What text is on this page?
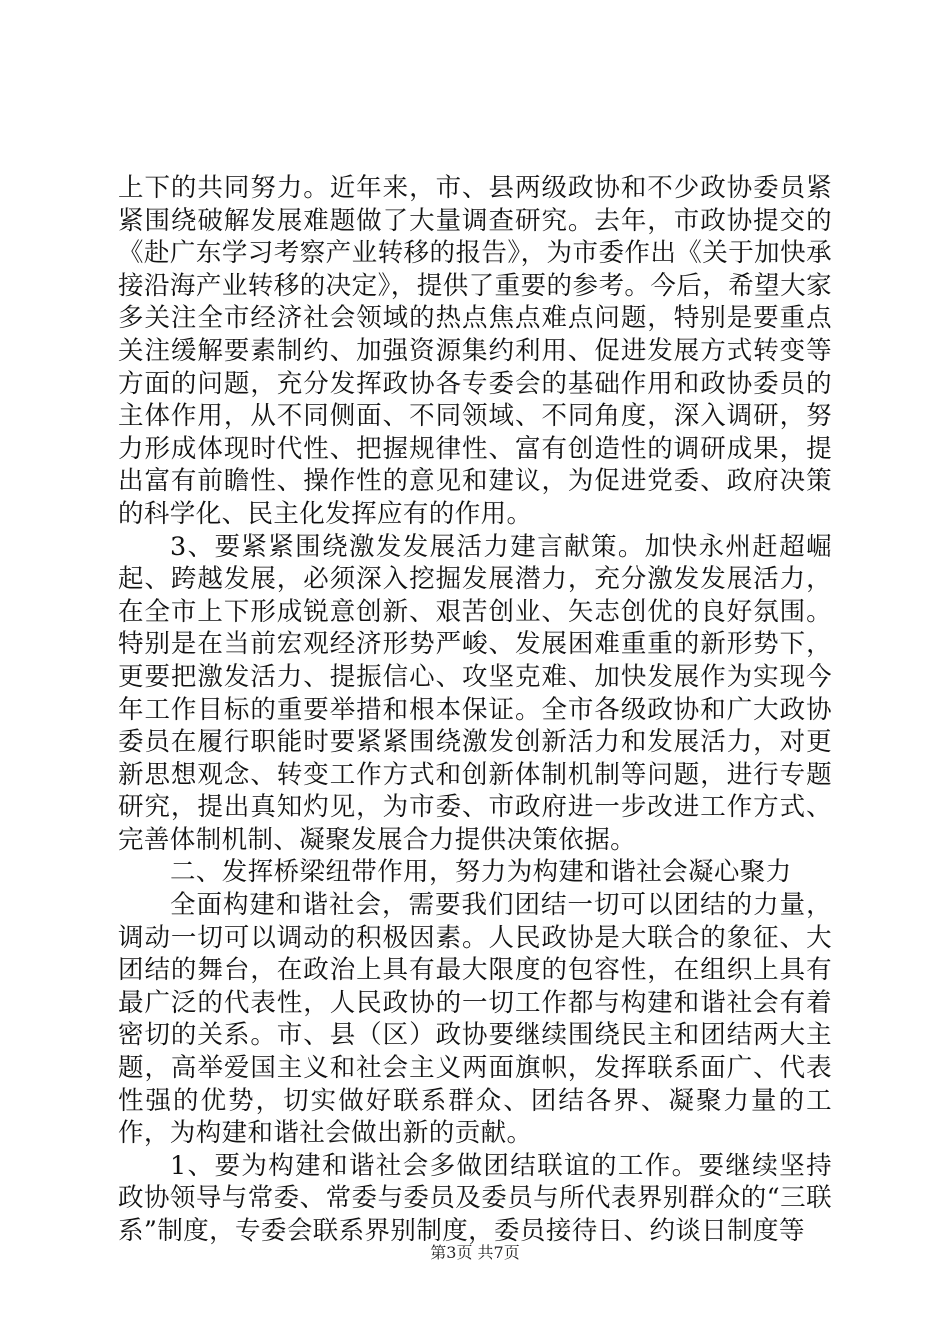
上下的共同努力。近年来，市、县两级政协和不少政协委员紧紧围绕破解发展难题做了大量调查研究。去年，市政协提交的《赴广东学习考察产业转移的报告》，为市委作出《关于加快承接沿海产业转移的决定》，提供了重要的参考。今后，希望大家多关注全市经济社会领域的热点焦点难点问题，特别是要重点关注缓解要素制约、加强资源集约利用、促进发展方式转变等方面的问题，充分发挥政协各专委会的基础作用和政协委员的主体作用，从不同侧面、不同领域、不同角度，深入调研，努力形成体现时代性、把握规律性、富有创造性的调研成果，提出富有前瞻性、操作性的意见和建议，为促进党委、政府决策的科学化、民主化发挥应有的作用。

3、要紧紧围绕激发发展活力建言献策。加快永州赶超崛起、跨越发展，必须深入挖掘发展潜力，充分激发发展活力，在全市上下形成锐意创新、艰苦创业、矢志创优的良好氛围。特别是在当前宏观经济形势严峻、发展困难重重的新形势下，更要把激发活力、提振信心、攻坚克难、加快发展作为实现今年工作目标的重要举措和根本保证。全市各级政协和广大政协委员在履行职能时要紧紧围绕激发创新活力和发展活力，对更新思想观念、转变工作方式和创新体制机制等问题，进行专题研究，提出真知灼见，为市委、市政府进一步改进工作方式、完善体制机制、凝聚发展合力提供决策依据。

二、发挥桥梁纽带作用，努力为构建和谐社会凝心聚力

全面构建和谐社会，需要我们团结一切可以团结的力量，调动一切可以调动的积极因素。人民政协是大联合的象征、大团结的舞台，在政治上具有最大限度的包容性，在组织上具有最广泛的代表性，人民政协的一切工作都与构建和谐社会有着密切的关系。市、县（区）政协要继续围绕民主和团结两大主题，高举爱国主义和社会主义两面旗帜，发挥联系面广、代表性强的优势，切实做好联系群众、团结各界、凝聚力量的工作，为构建和谐社会做出新的贡献。

1、要为构建和谐社会多做团结联谊的工作。要继续坚持政协领导与常委、常委与委员及委员与所代表界别群众的“三联系”制度，专委会联系界别制度，委员接待日、约谈日制度等

第3页 共7页
